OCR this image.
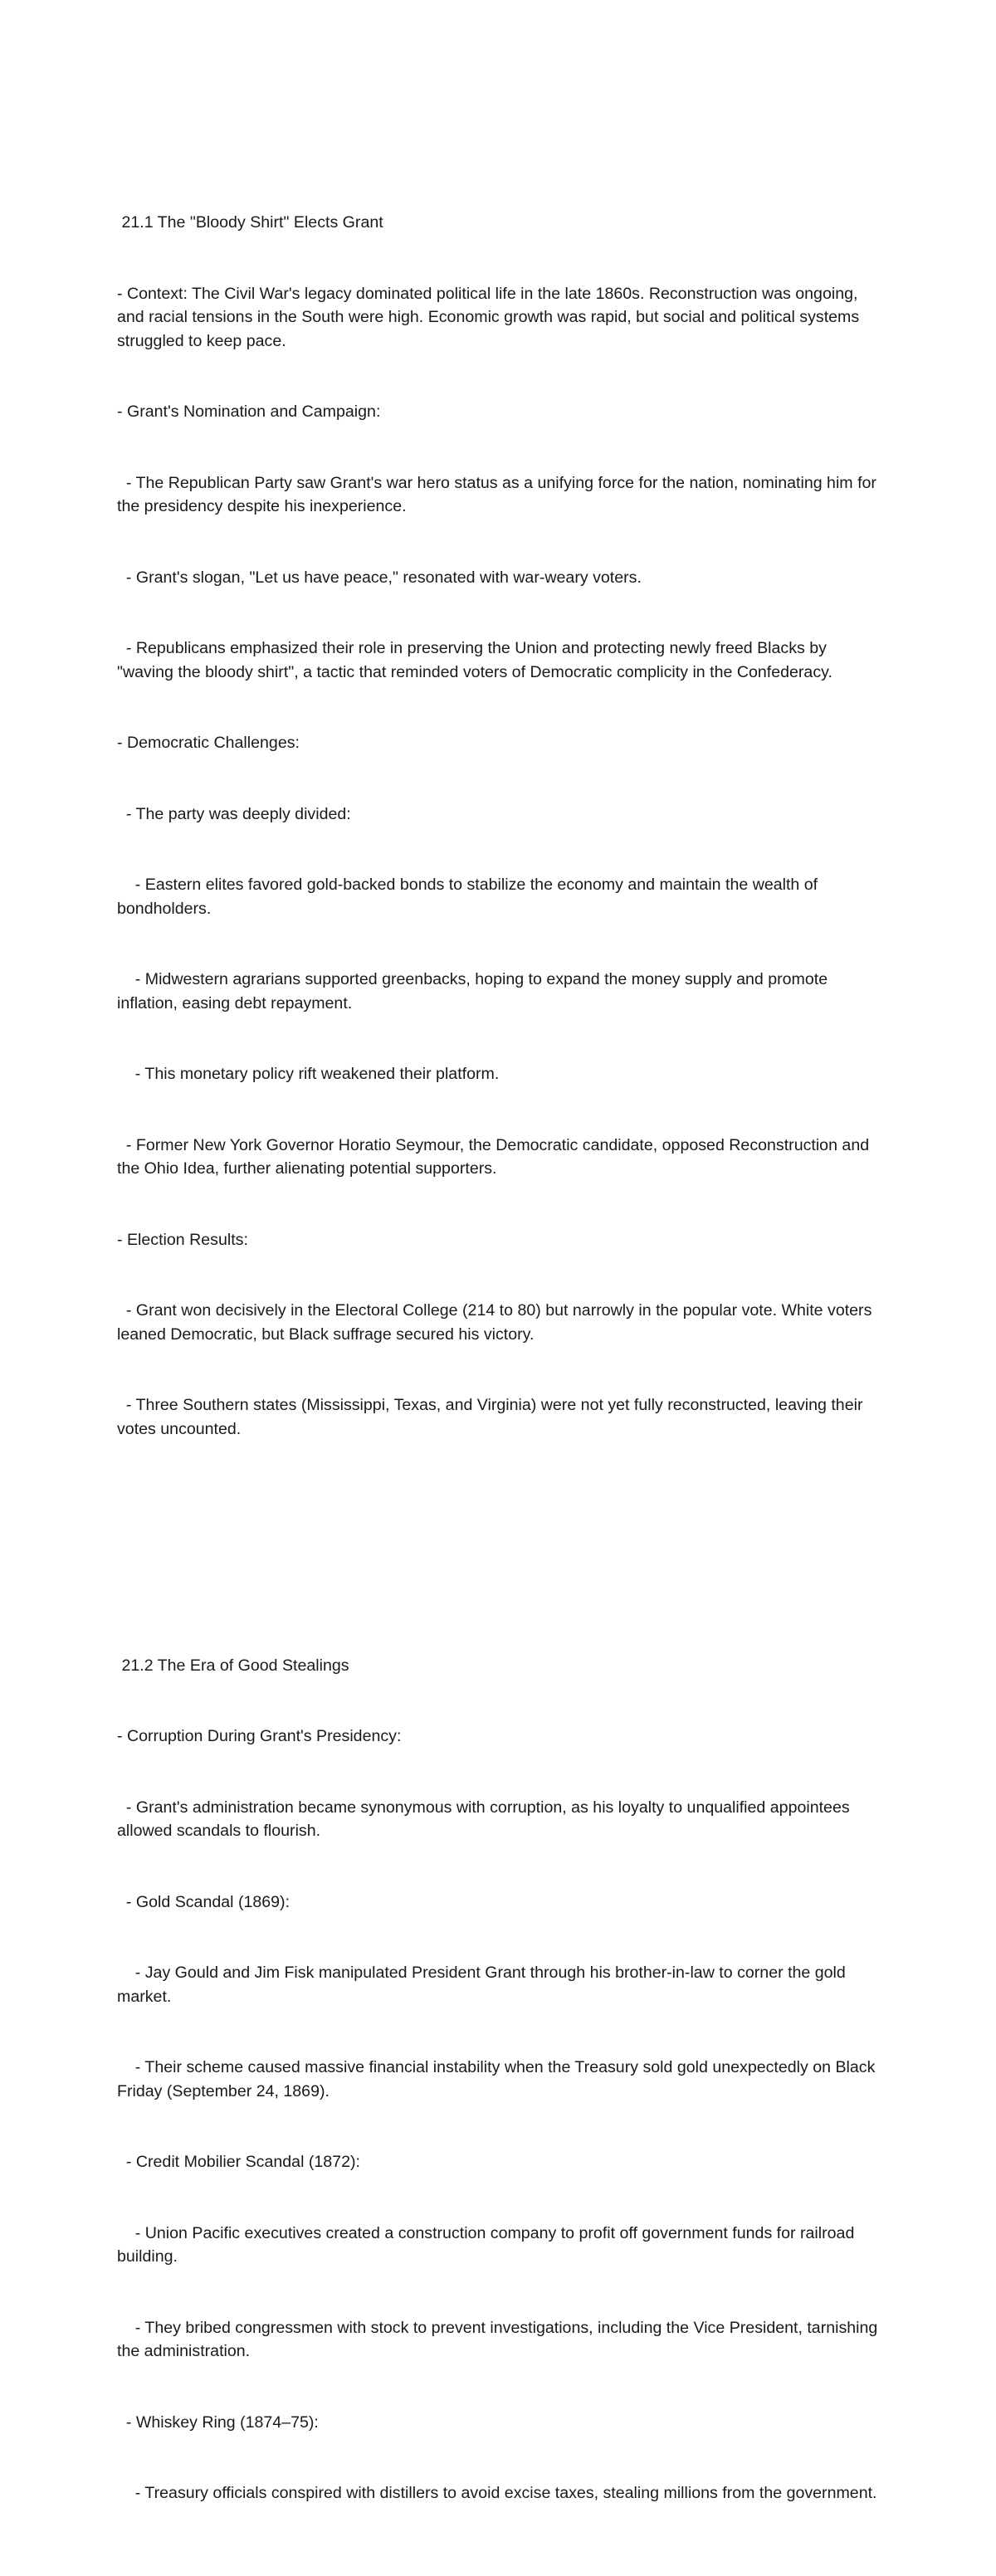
21.1 The "Bloody Shirt" Elects Grant

- Context: The Civil War's legacy dominated political life in the late 1860s. Reconstruction was ongoing, and racial tensions in the South were high. Economic growth was rapid, but social and political systems struggled to keep pace.

- Grant's Nomination and Campaign:

- The Republican Party saw Grant's war hero status as a unifying force for the nation, nominating him for the presidency despite his inexperience.

- Grant's slogan, "Let us have peace," resonated with war-weary voters.

- Republicans emphasized their role in preserving the Union and protecting newly freed Blacks by "waving the bloody shirt", a tactic that reminded voters of Democratic complicity in the Confederacy.

- Democratic Challenges:

- The party was deeply divided:

- Eastern elites favored gold-backed bonds to stabilize the economy and maintain the wealth of bondholders.

- Midwestern agrarians supported greenbacks, hoping to expand the money supply and promote inflation, easing debt repayment.

- This monetary policy rift weakened their platform.

- Former New York Governor Horatio Seymour, the Democratic candidate, opposed Reconstruction and the Ohio Idea, further alienating potential supporters.

- Election Results:

- Grant won decisively in the Electoral College (214 to 80) but narrowly in the popular vote. White voters leaned Democratic, but Black suffrage secured his victory.

- Three Southern states (Mississippi, Texas, and Virginia) were not yet fully reconstructed, leaving their votes uncounted.

21.2 The Era of Good Stealings

- Corruption During Grant's Presidency:

- Grant's administration became synonymous with corruption, as his loyalty to unqualified appointees allowed scandals to flourish.

- Gold Scandal (1869):

- Jay Gould and Jim Fisk manipulated President Grant through his brother-in-law to corner the gold market.

- Their scheme caused massive financial instability when the Treasury sold gold unexpectedly on Black Friday (September 24, 1869).

- Credit Mobilier Scandal (1872):

- Union Pacific executives created a construction company to profit off government funds for railroad building.

- They bribed congressmen with stock to prevent investigations, including the Vice President, tarnishing the administration.

- Whiskey Ring (1874–75):

- Treasury officials conspired with distillers to avoid excise taxes, stealing millions from the government.
